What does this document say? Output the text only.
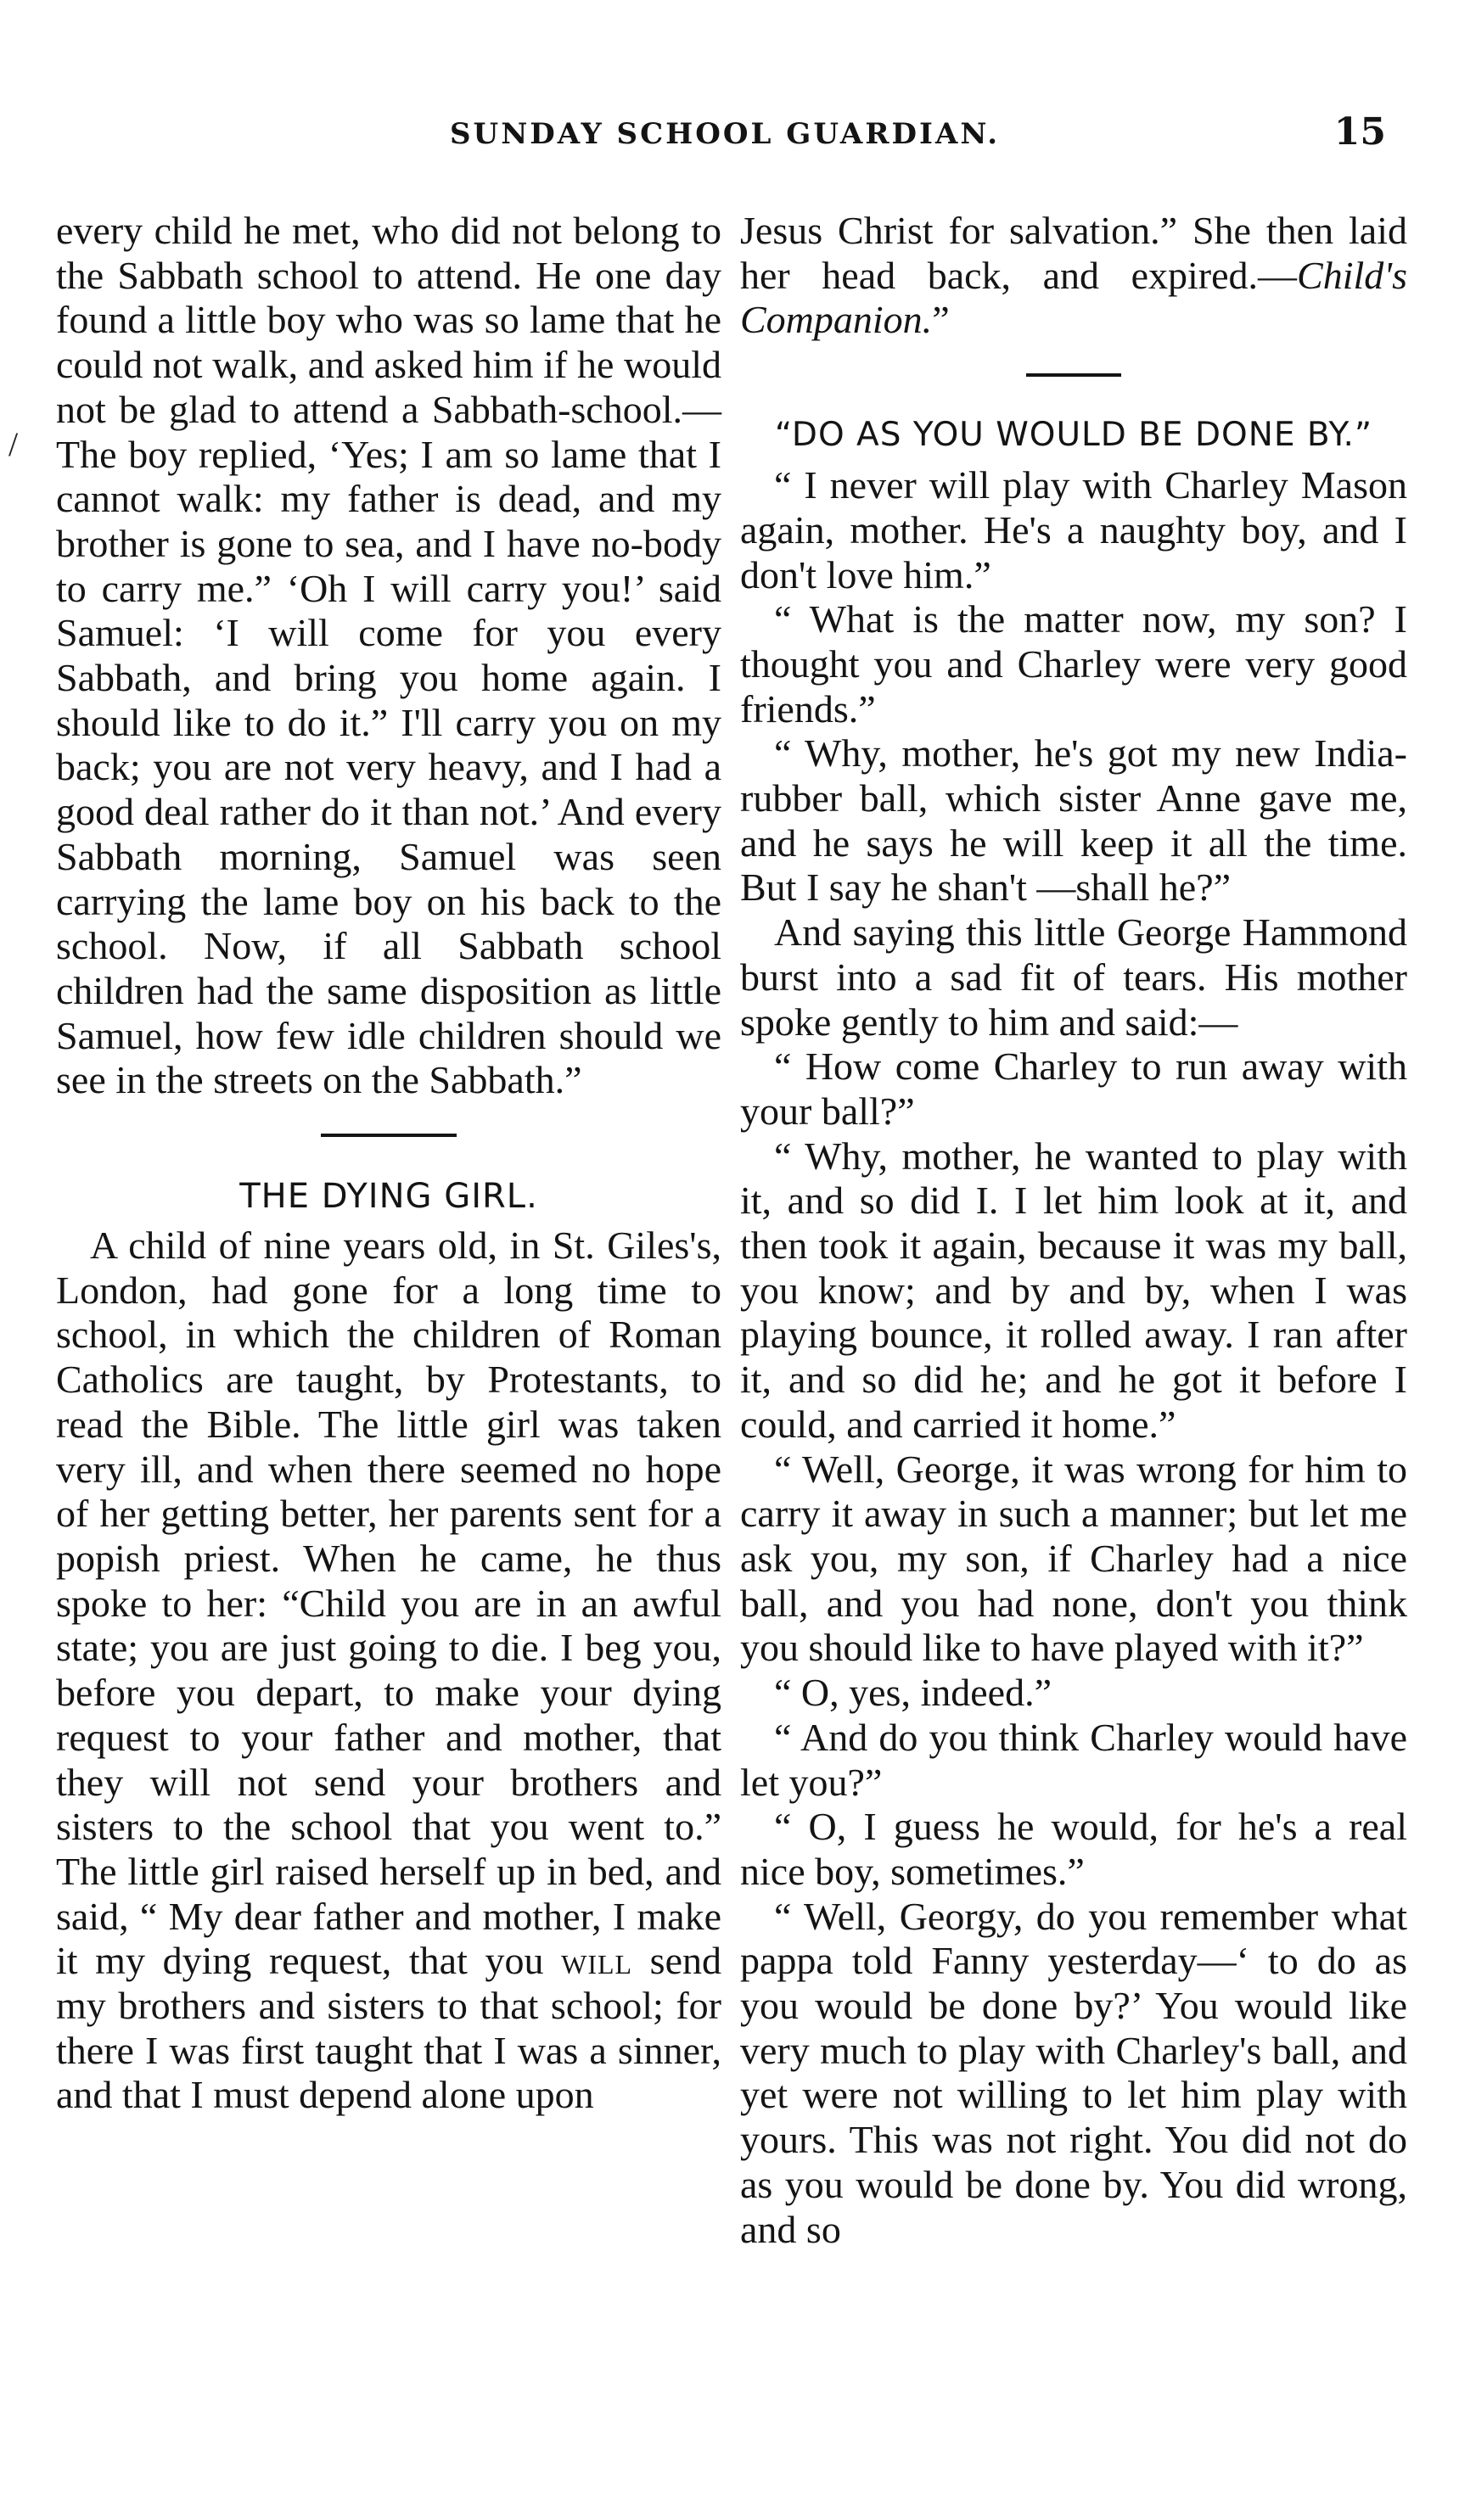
SUNDAY SCHOOL GUARDIAN.	15
/

every child he met, who did not belong to the Sabbath school to attend. He one day found a little boy who was so lame that he could not walk, and asked him if he would not be glad to attend a Sabbath-school.—The boy replied, ‘Yes; I am so lame that I cannot walk: my father is dead, and my brother is gone to sea, and I have no-body to carry me.” ‘Oh I will carry you!’ said Samuel: ‘I will come for you every Sabbath, and bring you home again. I should like to do it.” I'll carry you on my back; you are not very heavy, and I had a good deal rather do it than not.’ And every Sabbath morning, Samuel was seen carrying the lame boy on his back to the school. Now, if all Sabbath school children had the same disposition as little Samuel, how few idle children should we see in the streets on the Sabbath.”

THE DYING GIRL.

A child of nine years old, in St. Giles's, London, had gone for a long time to school, in which the children of Roman Catholics are taught, by Protestants, to read the Bible. The little girl was taken very ill, and when there seemed no hope of her getting better, her parents sent for a popish priest. When he came, he thus spoke to her: “Child you are in an awful state; you are just going to die. I beg you, before you depart, to make your dying request to your father and mother, that they will not send your brothers and sisters to the school that you went to.” The little girl raised herself up in bed, and said, “ My dear father and mother, I make it my dying request, that you will send my brothers and sisters to that school; for there I was first taught that I was a sinner, and that I must depend alone upon

Jesus Christ for salvation.” She then laid her head back, and expired.—Child's Companion.”

“DO AS YOU WOULD BE DONE BY.”

“ I never will play with Charley Mason again, mother. He's a naughty boy, and I don't love him.”

“ What is the matter now, my son? I thought you and Charley were very good friends.”

“ Why, mother, he's got my new India-rubber ball, which sister Anne gave me, and he says he will keep it all the time. But I say he shan't —shall he?”

And saying this little George Hammond burst into a sad fit of tears. His mother spoke gently to him and said:—

“ How come Charley to run away with your ball?”

“ Why, mother, he wanted to play with it, and so did I. I let him look at it, and then took it again, because it was my ball, you know; and by and by, when I was playing bounce, it rolled away. I ran after it, and so did he; and he got it before I could, and carried it home.”

“ Well, George, it was wrong for him to carry it away in such a manner; but let me ask you, my son, if Charley had a nice ball, and you had none, don't you think you should like to have played with it?”

“ O, yes, indeed.”

“ And do you think Charley would have let you?”

“ O, I guess he would, for he's a real nice boy, sometimes.”

“ Well, Georgy, do you remember what pappa told Fanny yesterday—‘ to do as you would be done by?’ You would like very much to play with Charley's ball, and yet were not willing to let him play with yours. This was not right. You did not do as you would be done by. You did wrong, and so
